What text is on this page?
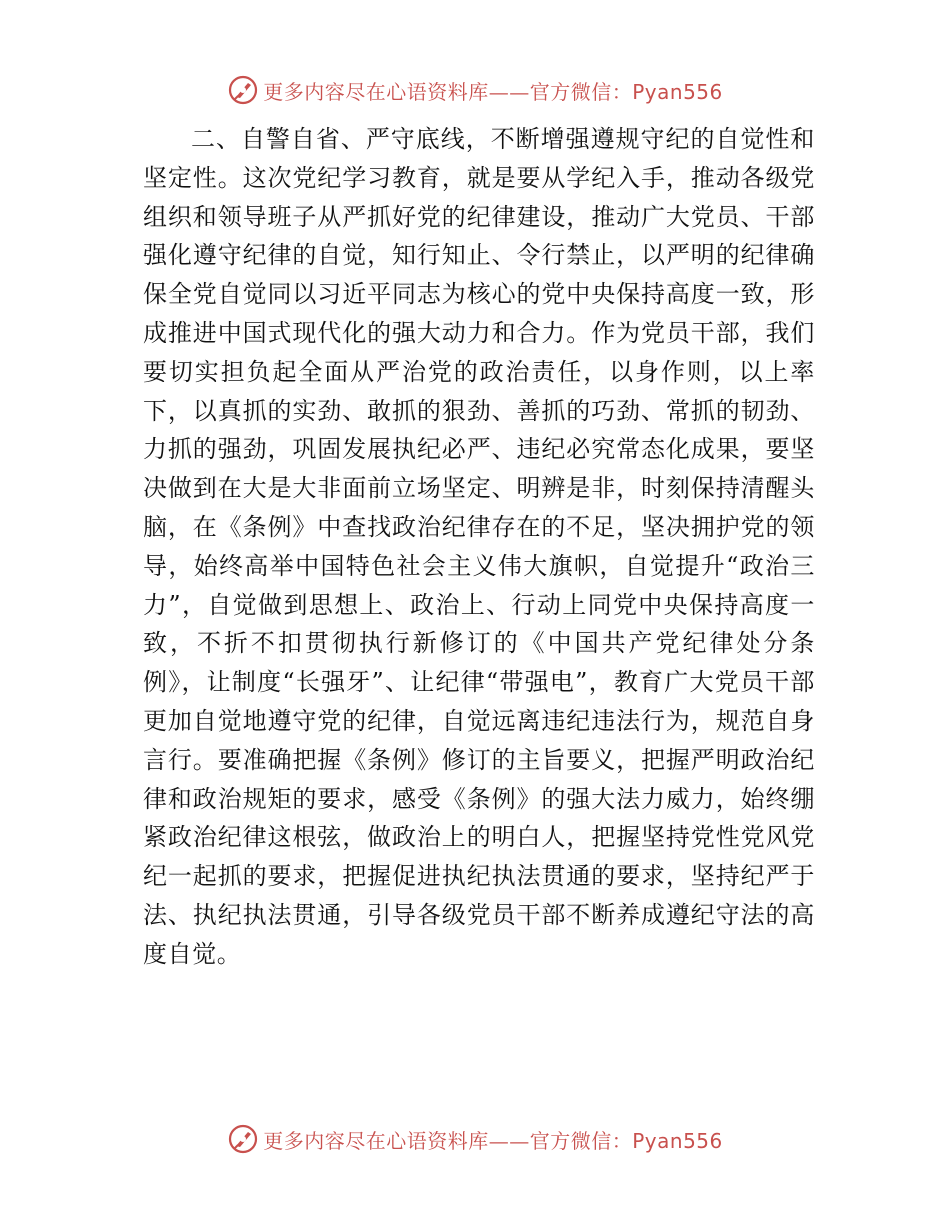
更多内容尽在心语资料库——官方微信：Pyan556

二、自警自省、严守底线，不断增强遵规守纪的自觉性和坚定性。这次党纪学习教育，就是要从学纪入手，推动各级党组织和领导班子从严抓好党的纪律建设，推动广大党员、干部强化遵守纪律的自觉，知行知止、令行禁止，以严明的纪律确保全党自觉同以习近平同志为核心的党中央保持高度一致，形成推进中国式现代化的强大动力和合力。作为党员干部，我们要切实担负起全面从严治党的政治责任，以身作则，以上率下，以真抓的实劲、敢抓的狠劲、善抓的巧劲、常抓的韧劲、力抓的强劲，巩固发展执纪必严、违纪必究常态化成果，要坚决做到在大是大非面前立场坚定、明辨是非，时刻保持清醒头脑，在《条例》中查找政治纪律存在的不足，坚决拥护党的领导，始终高举中国特色社会主义伟大旗帜，自觉提升“政治三力”，自觉做到思想上、政治上、行动上同党中央保持高度一致，不折不扣贯彻执行新修订的《中国共产党纪律处分条例》，让制度“长强牙”、让纪律“带强电”，教育广大党员干部更加自觉地遵守党的纪律，自觉远离违纪违法行为，规范自身言行。要准确把握《条例》修订的主旨要义，把握严明政治纪律和政治规矩的要求，感受《条例》的强大法力威力，始终绷紧政治纪律这根弦，做政治上的明白人，把握坚持党性党风党纪一起抓的要求，把握促进执纪执法贯通的要求，坚持纪严于法、执纪执法贯通，引导各级党员干部不断养成遵纪守法的高度自觉。

更多内容尽在心语资料库——官方微信：Pyan556
